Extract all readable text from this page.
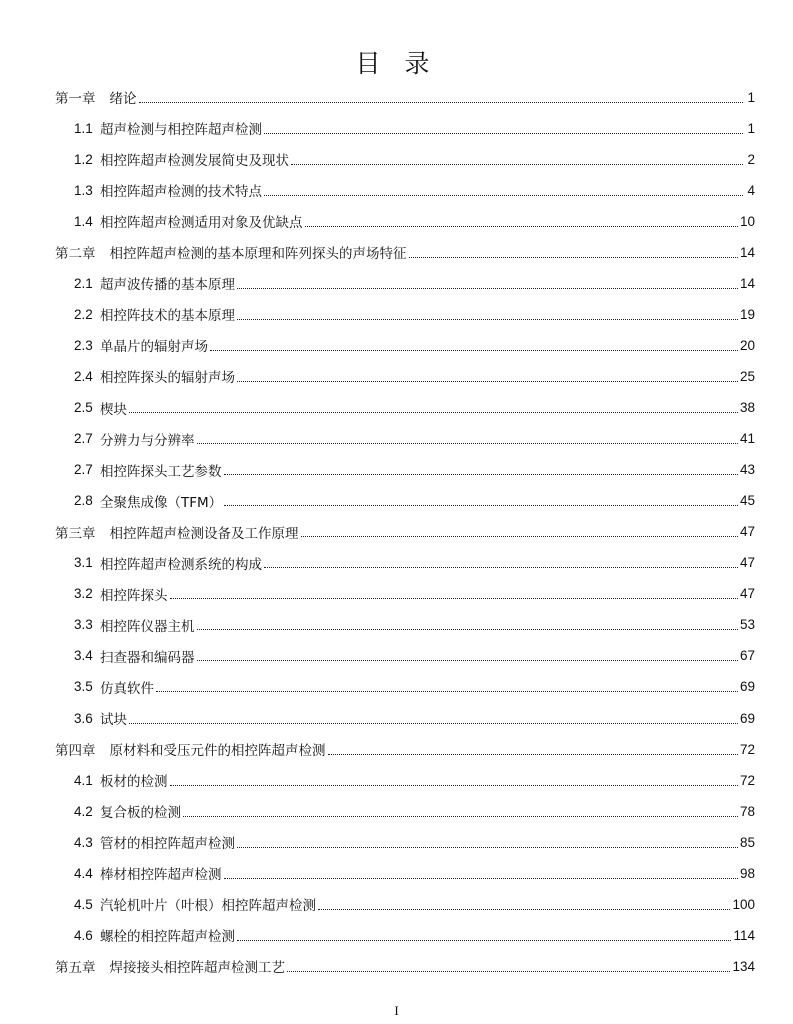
目 录
第一章 绪论	1
1.1 超声检测与相控阵超声检测	1
1.2 相控阵超声检测发展简史及现状	2
1.3 相控阵超声检测的技术特点	4
1.4 相控阵超声检测适用对象及优缺点	10
第二章 相控阵超声检测的基本原理和阵列探头的声场特征	14
2.1 超声波传播的基本原理	14
2.2 相控阵技术的基本原理	19
2.3 单晶片的辐射声场	20
2.4 相控阵探头的辐射声场	25
2.5 楔块	38
2.7 分辨力与分辨率	41
2.7 相控阵探头工艺参数	43
2.8 全聚焦成像（TFM）	45
第三章 相控阵超声检测设备及工作原理	47
3.1 相控阵超声检测系统的构成	47
3.2 相控阵探头	47
3.3 相控阵仪器主机	53
3.4 扫查器和编码器	67
3.5 仿真软件	69
3.6 试块	69
第四章 原材料和受压元件的相控阵超声检测	72
4.1 板材的检测	72
4.2 复合板的检测	78
4.3 管材的相控阵超声检测	85
4.4 棒材相控阵超声检测	98
4.5 汽轮机叶片（叶根）相控阵超声检测	100
4.6 螺栓的相控阵超声检测	114
第五章 焊接接头相控阵超声检测工艺	134
I
